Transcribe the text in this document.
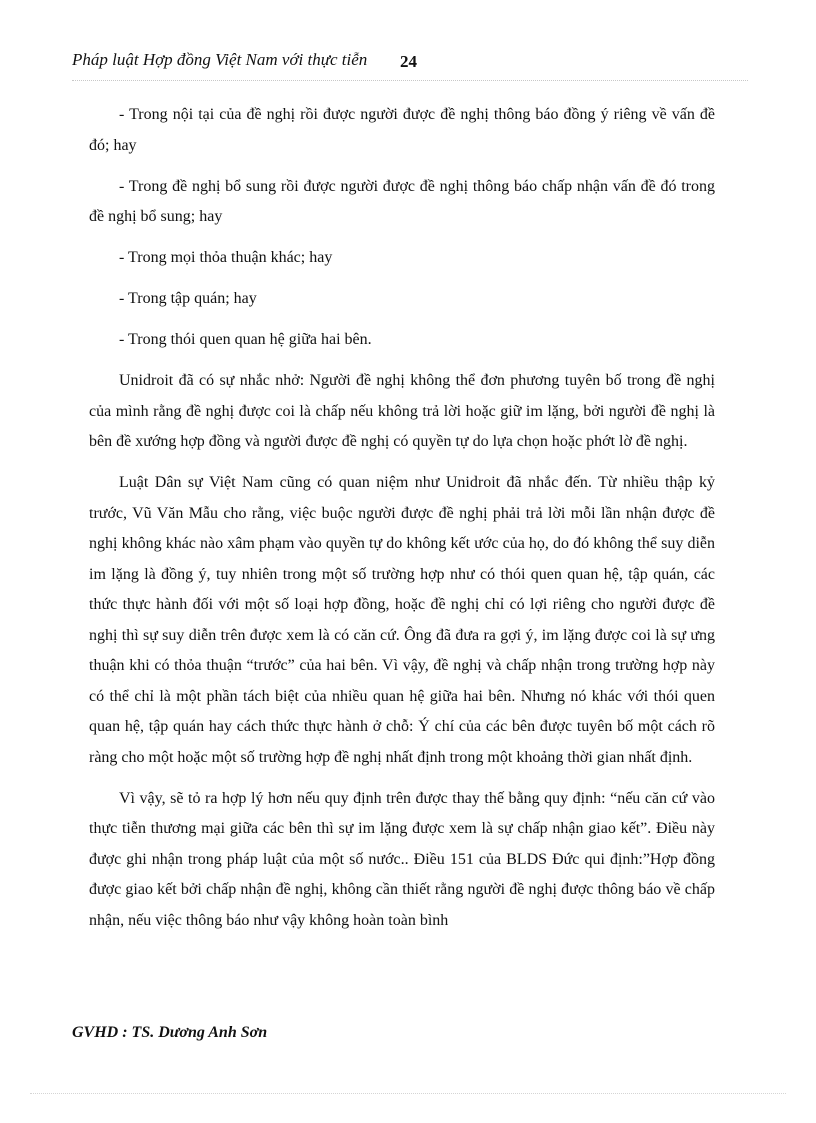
Pháp luật Hợp đồng Việt Nam với thực tiễn 24

- Trong nội tại của đề nghị rồi được người được đề nghị thông báo đồng ý riêng về vấn đề đó; hay

- Trong đề nghị bổ sung rồi được người được đề nghị thông báo chấp nhận vấn đề đó trong đề nghị bổ sung; hay

- Trong mọi thỏa thuận khác; hay

- Trong tập quán; hay

- Trong thói quen quan hệ giữa hai bên.

Unidroit đã có sự nhắc nhở: Người đề nghị không thể đơn phương tuyên bố trong đề nghị của mình rằng đề nghị được coi là chấp nếu không trả lời hoặc giữ im lặng, bởi người đề nghị là bên đề xướng hợp đồng và người được đề nghị có quyền tự do lựa chọn hoặc phớt lờ đề nghị.

Luật Dân sự Việt Nam cũng có quan niệm như Unidroit đã nhắc đến. Từ nhiều thập kỷ trước, Vũ Văn Mẫu cho rằng, việc buộc người được đề nghị phải trả lời mỗi lần nhận được đề nghị không khác nào xâm phạm vào quyền tự do không kết ước của họ, do đó không thể suy diễn im lặng là đồng ý, tuy nhiên trong một số trường hợp như có thói quen quan hệ, tập quán, các thức thực hành đối với một số loại hợp đồng, hoặc đề nghị chỉ có lợi riêng cho người được đề nghị thì sự suy diễn trên được xem là có căn cứ. Ông đã đưa ra gợi ý, im lặng được coi là sự ưng thuận khi có thỏa thuận “trước” của hai bên. Vì vậy, đề nghị và chấp nhận trong trường hợp này có thể chỉ là một phần tách biệt của nhiều quan hệ giữa hai bên. Nhưng nó khác với thói quen quan hệ, tập quán hay cách thức thực hành ở chỗ: Ý chí của các bên được tuyên bố một cách rõ ràng cho một hoặc một số trường hợp đề nghị nhất định trong một khoảng thời gian nhất định.

Vì vậy, sẽ tỏ ra hợp lý hơn nếu quy định trên được thay thế bằng quy định: “nếu căn cứ vào thực tiễn thương mại giữa các bên thì sự im lặng được xem là sự chấp nhận giao kết”. Điều này được ghi nhận trong pháp luật của một số nước.. Điều 151 của BLDS Đức qui định:”Hợp đồng được giao kết bởi chấp nhận đề nghị, không cần thiết rằng người đề nghị được thông báo về chấp nhận, nếu việc thông báo như vậy không hoàn toàn bình

GVHD : TS. Dương Anh Sơn
